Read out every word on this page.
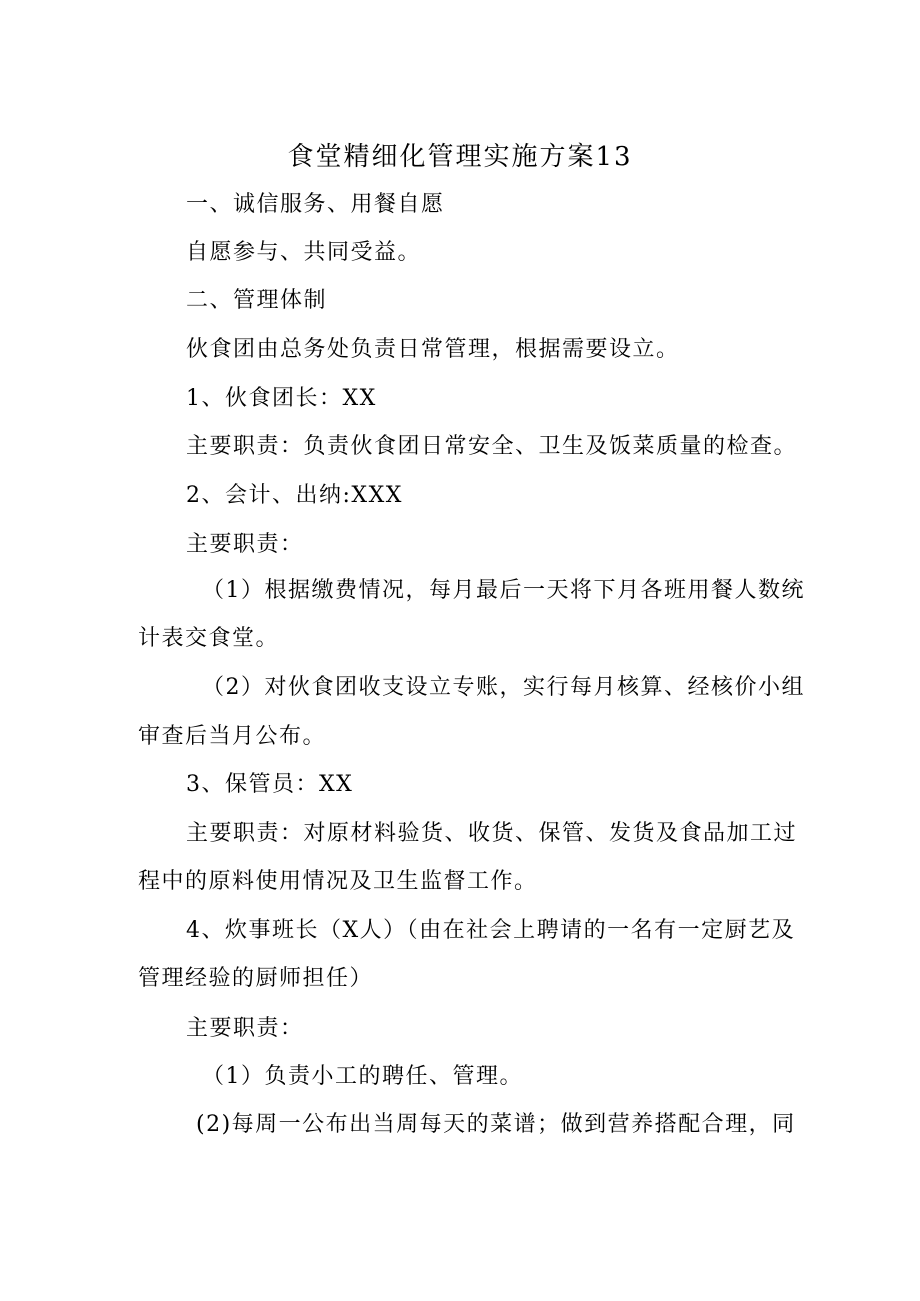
食堂精细化管理实施方案13
一、诚信服务、用餐自愿
自愿参与、共同受益。
二、管理体制
伙食团由总务处负责日常管理，根据需要设立。
1、伙食团长：XX
主要职责：负责伙食团日常安全、卫生及饭菜质量的检查。
2、会计、出纳:XXX
主要职责：
（1）根据缴费情况，每月最后一天将下月各班用餐人数统
计表交食堂。
（2）对伙食团收支设立专账，实行每月核算、经核价小组
审查后当月公布。
3、保管员：XX
主要职责：对原材料验货、收货、保管、发货及食品加工过
程中的原料使用情况及卫生监督工作。
4、炊事班长（X人）（由在社会上聘请的一名有一定厨艺及
管理经验的厨师担任）
主要职责：
（1）负责小工的聘任、管理。
(2)每周一公布出当周每天的菜谱；做到营养搭配合理，同
